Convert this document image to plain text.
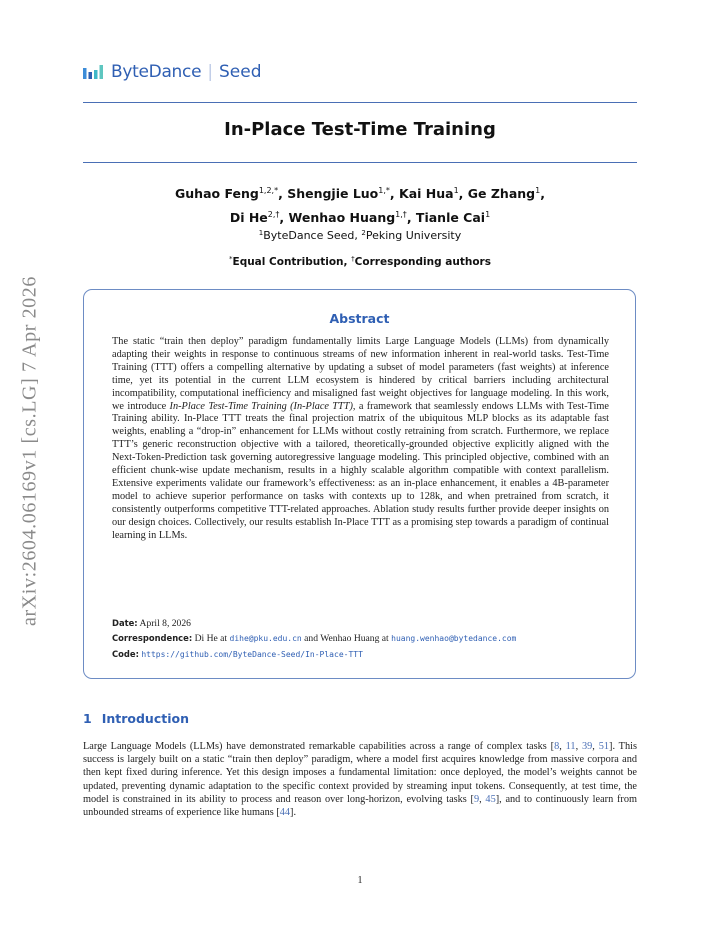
ByteDance | Seed
In-Place Test-Time Training
Guhao Feng$^{1,2,*}$, Shengjie Luo$^{1,*}$, Kai Hua$^1$, Ge Zhang$^1$,
Di $He^{2,\dagger}$, Wenhao Huang$^{1,\dagger}$, Tianle Cai$^1$
$^1$ByteDance Seed, $^2$Peking University
*Equal Contribution, †Corresponding authors
arXiv:2604.06169v1 [cs.LG] 7 Apr 2026	Abstract
The static “train then deploy” paradigm fundamentally limits Large Language Models (LLMs) from dynamically adapting their weights in response to continuous streams of new information inherent in real-world tasks. Test-Time Training (TTT) offers a compelling alternative by updating a subset of model parameters (fast weights) at inference time, yet its potential in the current LLM ecosystem is hindered by critical barriers including architectural incompatibility, computational inefficiency and misaligned fast weight objectives for language modeling. In this work, we introduce In-Place Test-Time Training (In-Place TTT), a framework that seamlessly endows LLMs with Test-Time Training ability. In-Place TTT treats the final projection matrix of the ubiquitous MLP blocks as its adaptable fast weights, enabling a “drop-in” enhancement for LLMs without costly retraining from scratch. Furthermore, we replace TTT’s generic reconstruction objective with a tailored, theoretically-grounded objective explicitly aligned with the Next-Token-Prediction task governing autoregressive language modeling. This principled objective, combined with an efficient chunk-wise update mechanism, results in a highly scalable algorithm compatible with context parallelism. Extensive experiments validate our framework’s effectiveness: as an in-place enhancement, it enables a 4B-parameter model to achieve superior performance on tasks with contexts up to 128k, and when pretrained from scratch, it consistently outperforms competitive TTT-related approaches. Ablation study results further provide deeper insights on our design choices. Collectively, our results establish In-Place TTT as a promising step towards a paradigm of continual learning in LLMs.
Date: April 8, 2026
Correspondence: Di He at dihe@pku.edu.cn and Wenhao Huang at huang.wenhao@bytedance.com
Code: https://github.com/ByteDance-Seed/In-Place-TTT
1 Introduction
Large Language Models (LLMs) have demonstrated remarkable capabilities across a range of complex tasks [8, 11, 39, 51]. This success is largely built on a static “train then deploy” paradigm, where a model first acquires knowledge from massive corpora and then kept fixed during inference. Yet this design imposes a fundamental limitation: once deployed, the model’s weights cannot be updated, preventing dynamic adaptation to the specific context provided by streaming input tokens. Consequently, at test time, the model is constrained in its ability to process and reason over long-horizon, evolving tasks [9, 45], and to continuously learn from unbounded streams of experience like humans [44].
1
